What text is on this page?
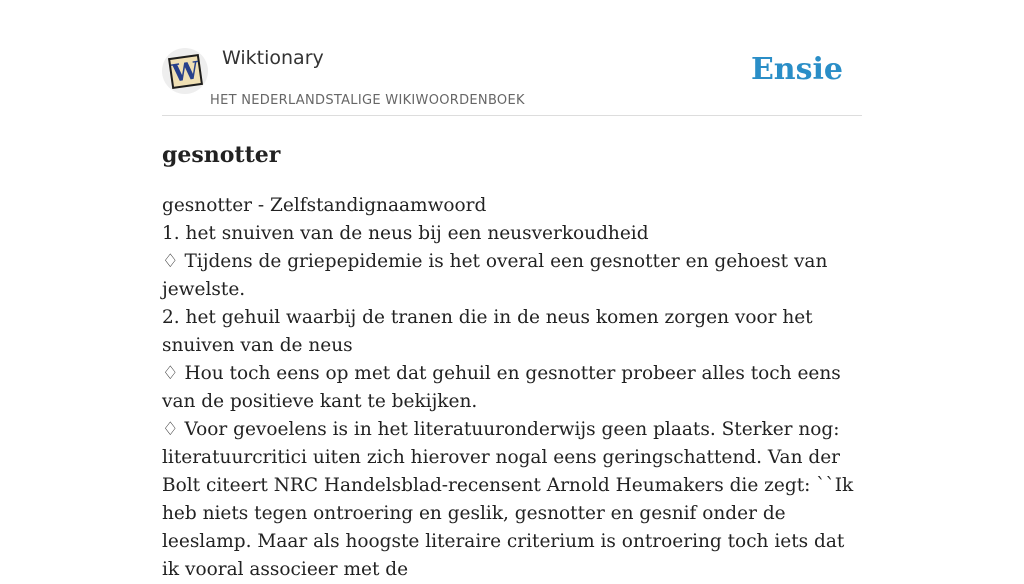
W Wiktionary
HET NEDERLANDSTALIGE WIKIWOORDENBOEK
Ensie
gesnotter
gesnotter - Zelfstandignaamwoord
1. het snuiven van de neus bij een neusverkoudheid
♢ Tijdens de griepepidemie is het overal een gesnotter en gehoest van jewelste.
2. het gehuil waarbij de tranen die in de neus komen zorgen voor het snuiven van de neus
♢ Hou toch eens op met dat gehuil en gesnotter probeer alles toch eens van de positieve kant te bekijken.
♢ Voor gevoelens is in het literatuuronderwijs geen plaats. Sterker nog: literatuurcritici uiten zich hierover nogal eens geringschattend. Van der Bolt citeert NRC Handelsblad-recensent Arnold Heumakers die zegt: ``Ik heb niets tegen ontroering en geslik, gesnotter en gesnif onder de leeslamp. Maar als hoogste literaire criterium is ontroering toch iets dat ik vooral associeer met de
